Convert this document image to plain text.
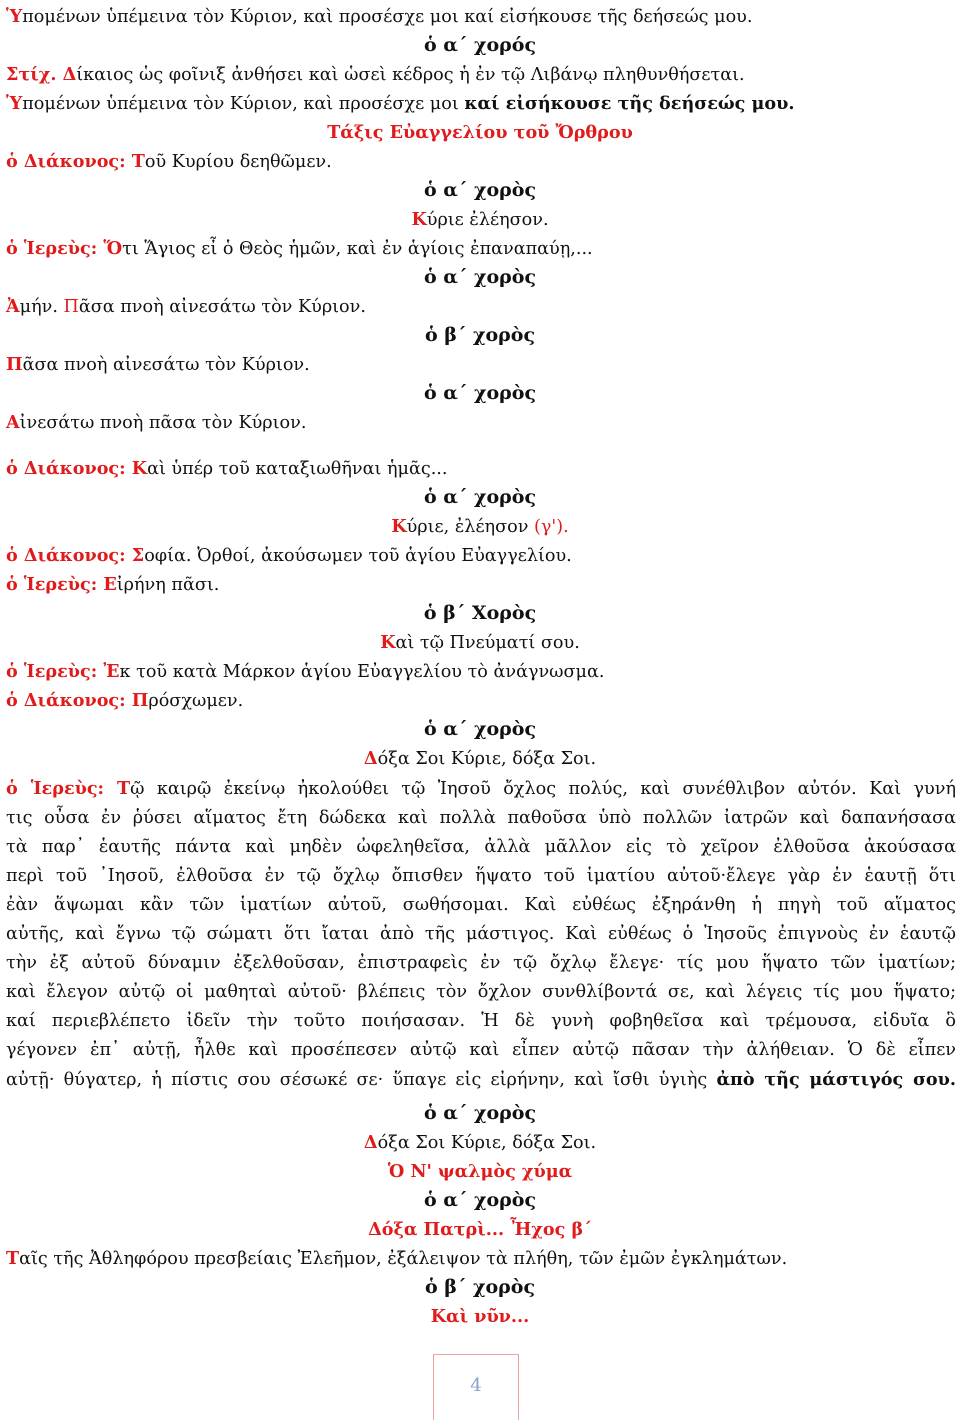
Ὑπομένων ὑπέμεινα τὸν Κύριον, καὶ προσέσχε μοι καί εἰσήκουσε τῆς δεήσεώς μου.
ὁ α΄ χορός
Στίχ. Δίκαιος ὡς φοῖνιξ ἀνθήσει καὶ ὡσεὶ κέδρος ἡ ἐν τῷ Λιβάνῳ πληθυνθήσεται.
Ὑπομένων ὑπέμεινα τὸν Κύριον, καὶ προσέσχε μοι καί εἰσήκουσε τῆς δεήσεώς μου.
Τάξις Εὐαγγελίου τοῦ Ὄρθρου
ὁ Διάκονος: Τοῦ Κυρίου δεηθῶμεν.
ὁ α΄ χορὸς
Κύριε ἐλέησον.
ὁ Ἱερεὺς: Ὅτι Ἅγιος εἶ ὁ Θεὸς ἡμῶν, καὶ ἐν ἁγίοις ἐπαναπαύῃ,...
ὁ α΄ χορὸς
Ἀμήν. Πᾶσα πνοὴ αἰνεσάτω τὸν Κύριον.
ὁ β΄ χορὸς
Πᾶσα πνοὴ αἰνεσάτω τὸν Κύριον.
ὁ α΄ χορὸς
Αἰνεσάτω πνοὴ πᾶσα τὸν Κύριον.
ὁ Διάκονος: Καὶ ὑπέρ τοῦ καταξιωθῆναι ἡμᾶς...
ὁ α΄ χορὸς
Κύριε, ἐλέησον (γ').
ὁ Διάκονος: Σοφία. Ὀρθοί, ἀκούσωμεν τοῦ ἁγίου Εὐαγγελίου.
ὁ Ἱερεὺς: Εἰρήνη πᾶσι.
ὁ β΄ Χορὸς
Καὶ τῷ Πνεύματί σου.
ὁ Ἱερεὺς: Ἐκ τοῦ κατὰ Μάρκον ἁγίου Εὐαγγελίου τὸ ἀνάγνωσμα.
ὁ Διάκονος: Πρόσχωμεν.
ὁ α΄ χορὸς
Δόξα Σοι Κύριε, δόξα Σοι.
ὁ Ἱερεὺς: Τῷ καιρῷ ἐκείνῳ ἠκολούθει τῷ Ἰησοῦ ὄχλος πολύς, καὶ συνέθλιβον αὐτόν. Καὶ γυνή
τις οὖσα ἐν ῥύσει αἵματος ἔτη δώδεκα καὶ πολλὰ παθοῦσα ὑπὸ πολλῶν ἰατρῶν καὶ δαπανήσασα
τὰ παρ᾽ ἑαυτῆς πάντα καὶ μηδὲν ὠφεληθεῖσα, ἀλλὰ μᾶλλον εἰς τὸ χεῖρον ἐλθοῦσα ἀκούσασα
περὶ τοῦ ᾽Ιησοῦ, ἐλθοῦσα ἐν τῷ ὄχλῳ ὄπισθεν ἥψατο τοῦ ἱματίου αὐτοῦ·ἔλεγε γὰρ ἐν ἑαυτῇ ὅτι
ἐὰν ἅψωμαι κἂν τῶν ἱματίων αὐτοῦ, σωθήσομαι. Καὶ εὐθέως ἐξηράνθη ἡ πηγὴ τοῦ αἵματος
αὐτῆς, καὶ ἔγνω τῷ σώματι ὅτι ἴαται ἀπὸ τῆς μάστιγος. Καὶ εὐθέως ὁ Ἰησοῦς ἐπιγνοὺς ἐν ἑαυτῷ
τὴν ἐξ αὐτοῦ δύναμιν ἐξελθοῦσαν, ἐπιστραφεὶς ἐν τῷ ὄχλῳ ἔλεγε· τίς μου ἥψατο τῶν ἱματίων;
καὶ ἔλεγον αὐτῷ οἱ μαθηταὶ αὐτοῦ· βλέπεις τὸν ὄχλον συνθλίβοντά σε, καὶ λέγεις τίς μου ἥψατο;
καί περιεβλέπετο ἰδεῖν τὴν τοῦτο ποιήσασαν. Ἡ δὲ γυνὴ φοβηθεῖσα καὶ τρέμουσα, εἰδυῖα ὃ
γέγονεν ἐπ᾽ αὐτῇ, ἦλθε καὶ προσέπεσεν αὐτῷ καὶ εἶπεν αὐτῷ πᾶσαν τὴν ἀλήθειαν. Ὁ δὲ εἶπεν
αὐτῇ· θύγατερ, ἡ πίστις σου σέσωκέ σε· ὕπαγε εἰς εἰρήνην, καὶ ἴσθι ὑγιὴς ἀπὸ τῆς μάστιγός σου.
ὁ α΄ χορὸς
Δόξα Σοι Κύριε, δόξα Σοι.
Ὁ Ν' ψαλμὸς χύμα
ὁ α΄ χορὸς
Δόξα Πατρὶ... Ἦχος β΄
Ταῖς τῆς Ἀθληφόρου πρεσβείαις Ἐλεῆμον, ἐξάλειψον τὰ πλήθη, τῶν ἐμῶν ἐγκλημάτων.
ὁ β΄ χορὸς
Καὶ νῦν...
4
